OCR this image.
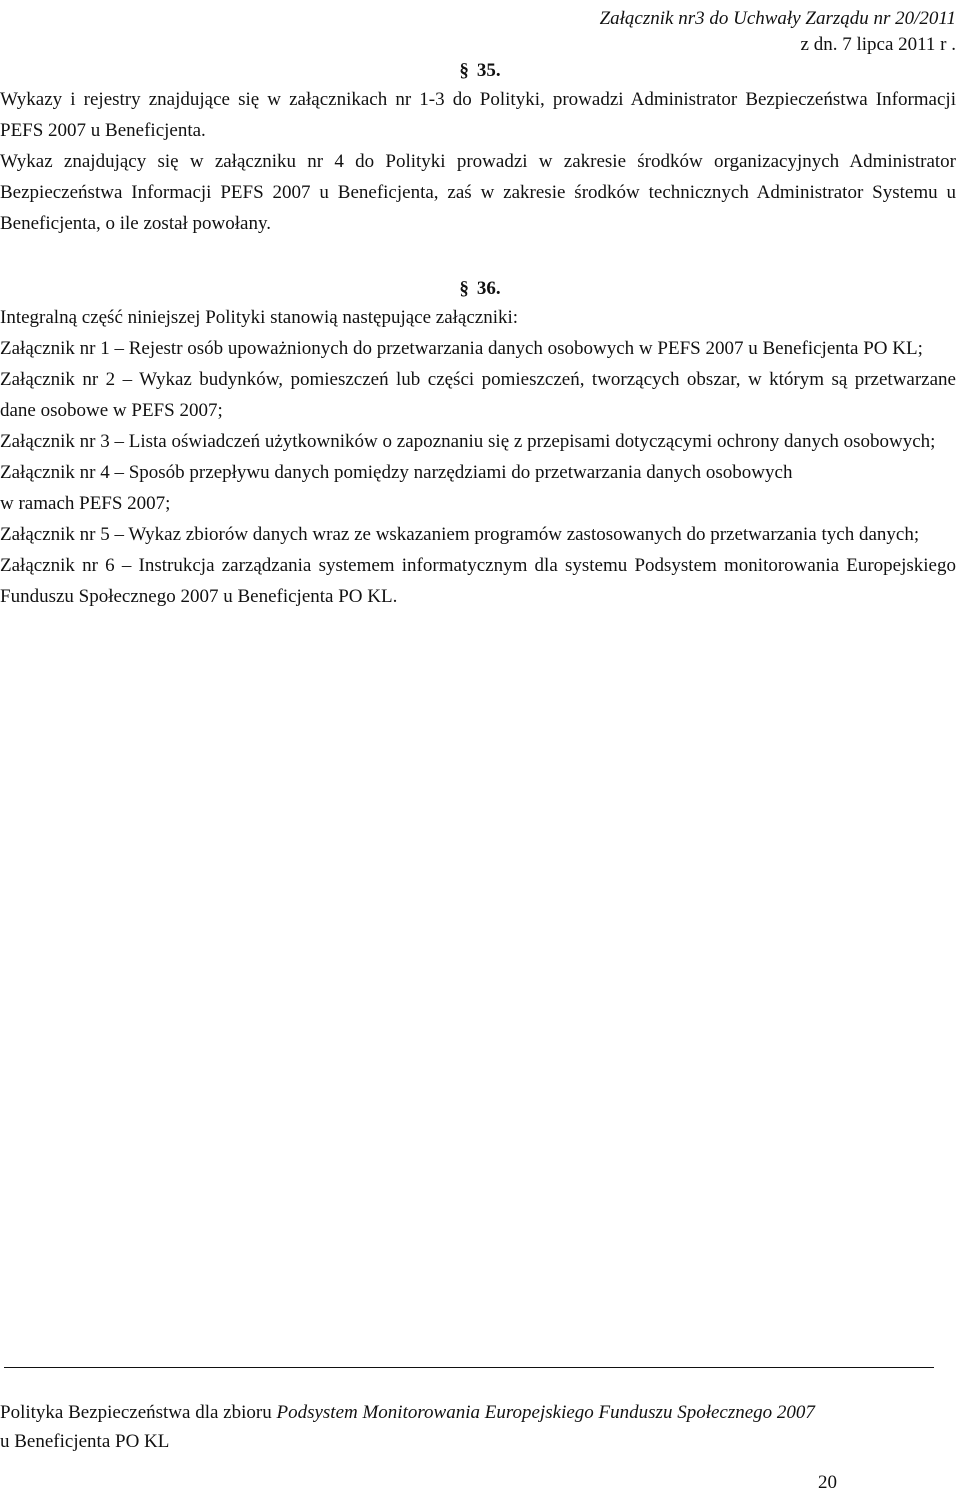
Załącznik nr3 do Uchwały Zarządu nr 20/2011
z dn. 7 lipca 2011 r .
§ 35.
Wykazy i rejestry znajdujące się w załącznikach nr 1-3 do Polityki, prowadzi Administrator Bezpieczeństwa Informacji PEFS 2007 u Beneficjenta.
Wykaz znajdujący się w załączniku nr 4 do Polityki prowadzi w zakresie środków organizacyjnych Administrator Bezpieczeństwa Informacji PEFS 2007 u Beneficjenta, zaś w zakresie środków technicznych Administrator Systemu u Beneficjenta, o ile został powołany.
§ 36.
Integralną część niniejszej Polityki stanowią następujące załączniki:
Załącznik nr 1 – Rejestr osób upoważnionych do przetwarzania danych osobowych w PEFS 2007 u Beneficjenta PO KL;
Załącznik nr 2 – Wykaz budynków, pomieszczeń lub części pomieszczeń, tworzących obszar, w którym są przetwarzane dane osobowe w PEFS 2007;
Załącznik nr 3 – Lista oświadczeń użytkowników o zapoznaniu się z przepisami dotyczącymi ochrony danych osobowych;
Załącznik nr 4 – Sposób przepływu danych pomiędzy narzędziami do przetwarzania danych osobowych
w ramach PEFS 2007;
Załącznik nr 5 – Wykaz zbiorów danych wraz ze wskazaniem programów zastosowanych do przetwarzania tych danych;
Załącznik nr 6 – Instrukcja zarządzania systemem informatycznym dla systemu Podsystem monitorowania Europejskiego Funduszu Społecznego 2007 u Beneficjenta PO KL.
Polityka Bezpieczeństwa dla zbioru Podsystem Monitorowania Europejskiego Funduszu Społecznego 2007
u Beneficjenta PO KL
20
